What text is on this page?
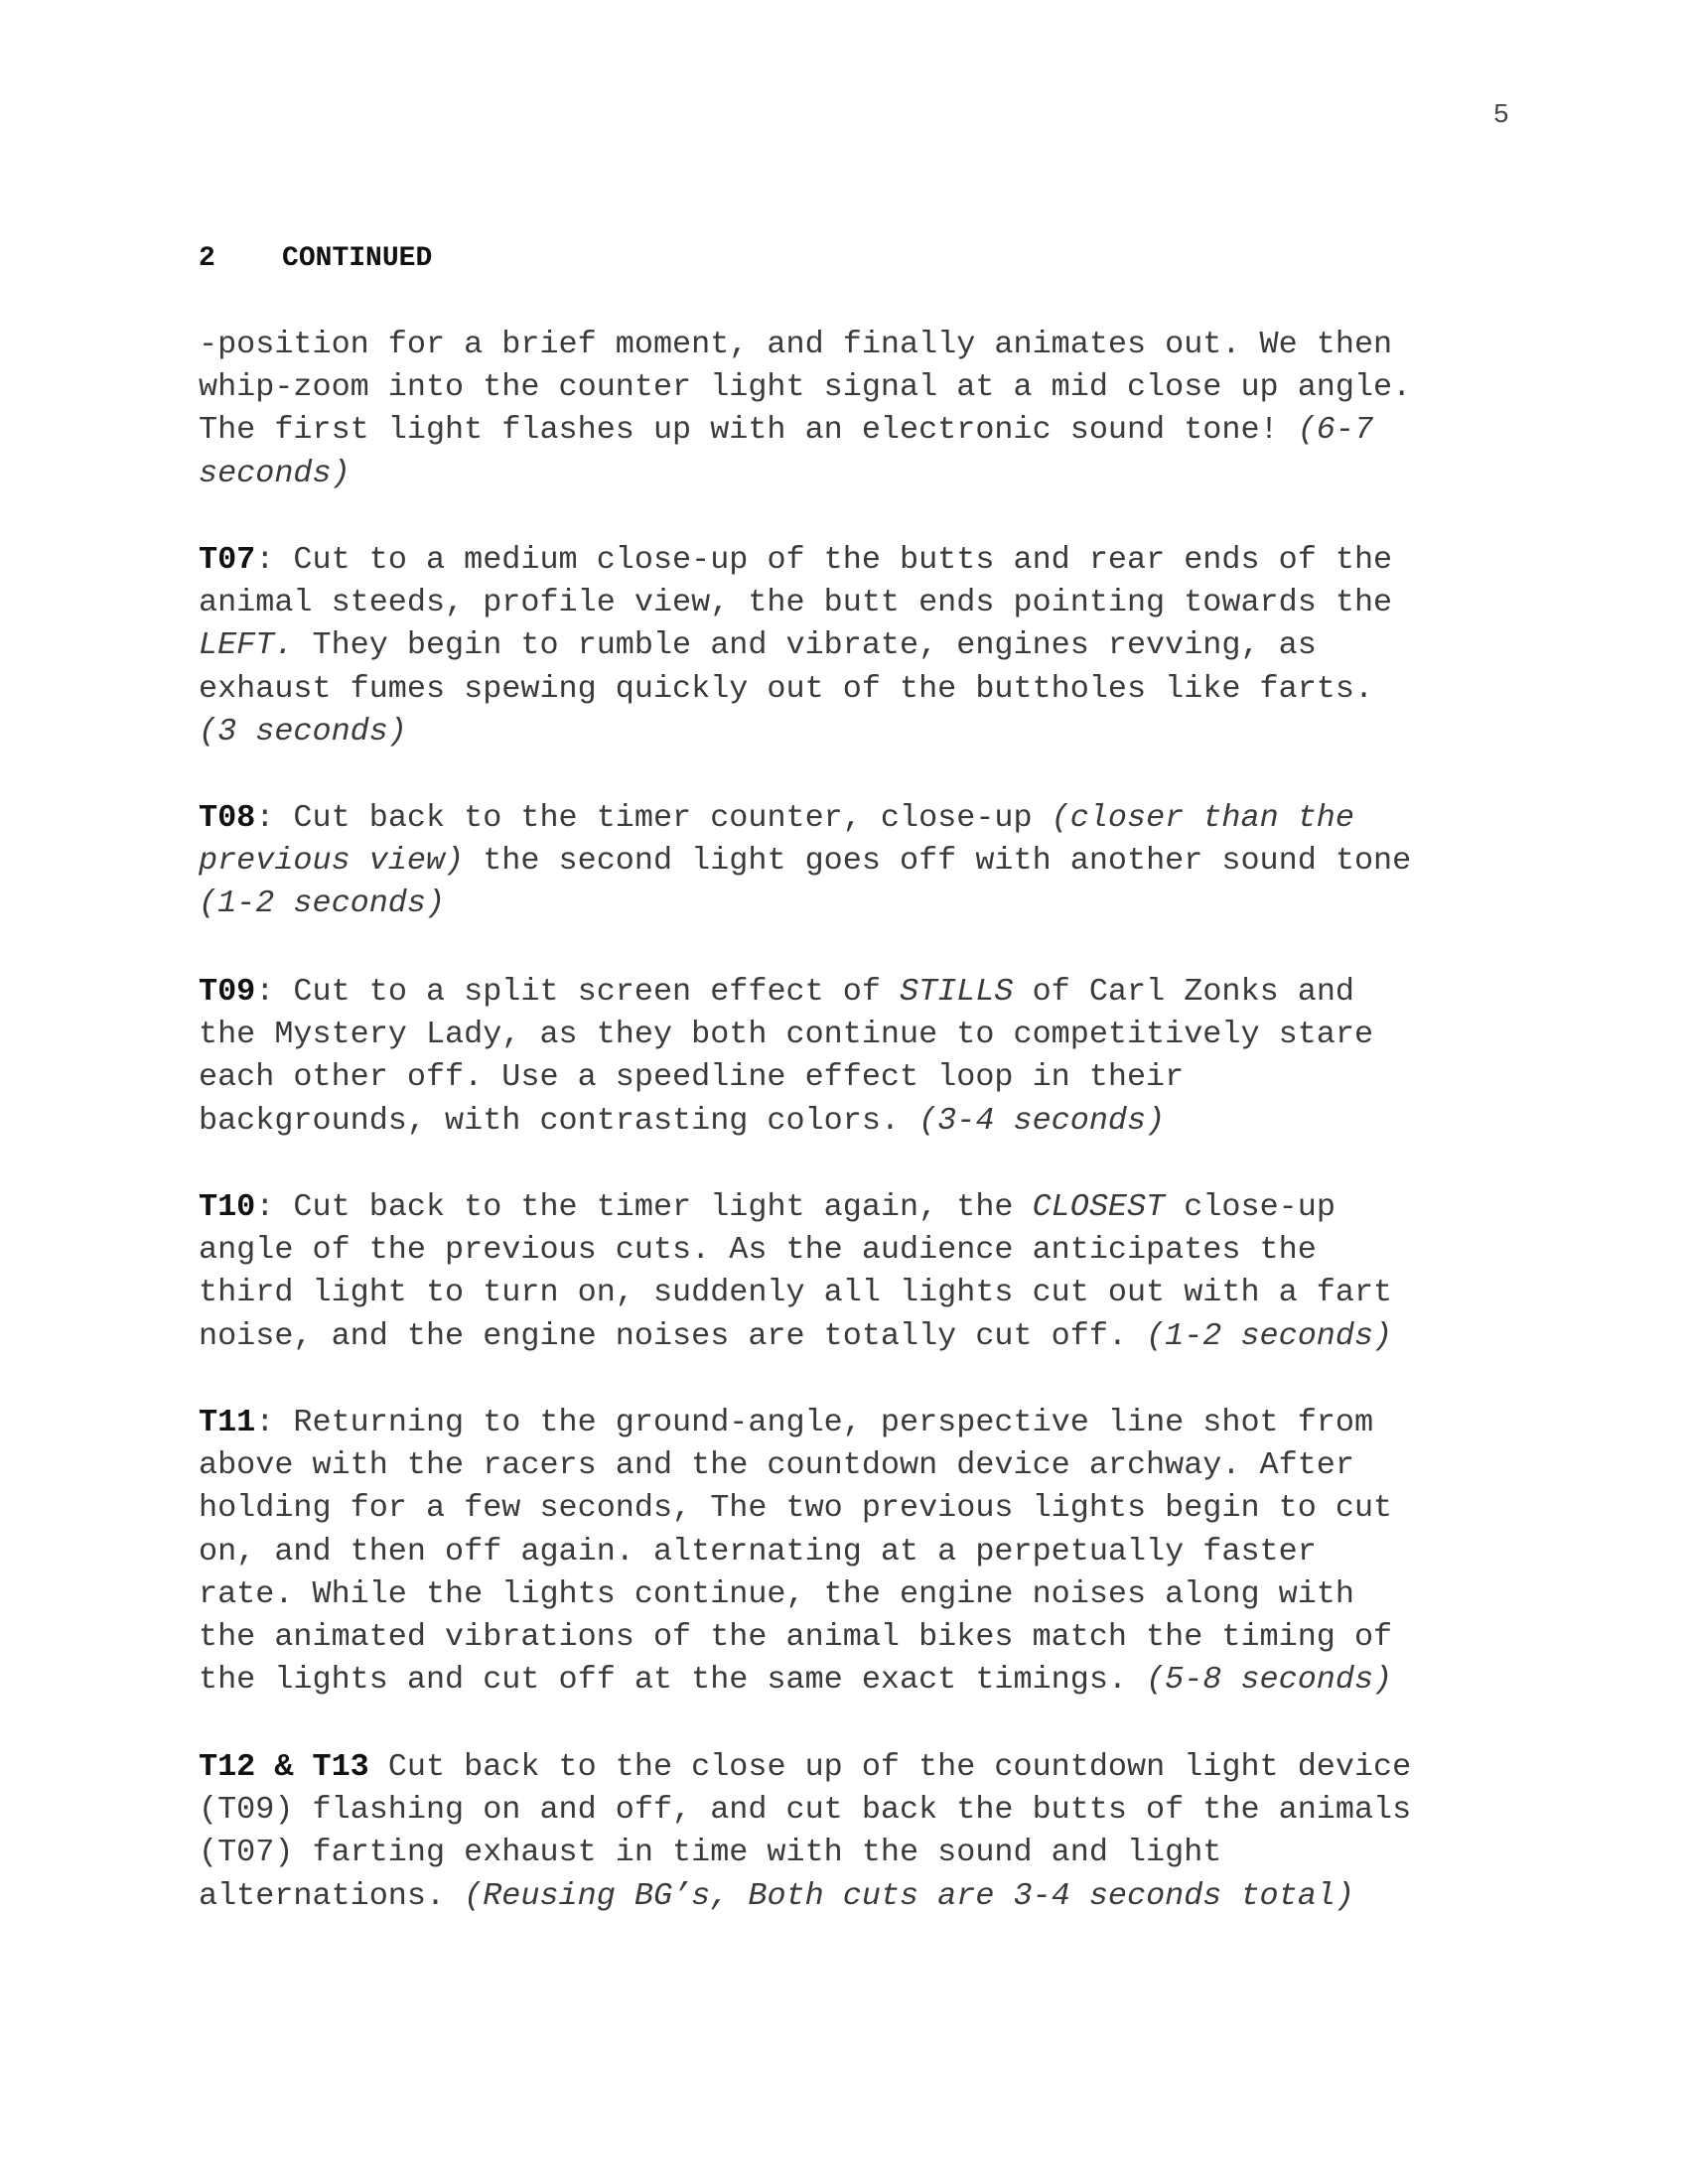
5
2 CONTINUED
-position for a brief moment, and finally animates out. We then
whip-zoom into the counter light signal at a mid close up angle.
The first light flashes up with an electronic sound tone! (6-7
seconds)
T07: Cut to a medium close-up of the butts and rear ends of the
animal steeds, profile view, the butt ends pointing towards the
LEFT. They begin to rumble and vibrate, engines revving, as
exhaust fumes spewing quickly out of the buttholes like farts.
(3 seconds)
T08: Cut back to the timer counter, close-up (closer than the
previous view) the second light goes off with another sound tone
(1-2 seconds)
T09: Cut to a split screen effect of STILLS of Carl Zonks and
the Mystery Lady, as they both continue to competitively stare
each other off. Use a speedline effect loop in their
backgrounds, with contrasting colors. (3-4 seconds)
T10: Cut back to the timer light again, the CLOSEST close-up
angle of the previous cuts. As the audience anticipates the
third light to turn on, suddenly all lights cut out with a fart
noise, and the engine noises are totally cut off. (1-2 seconds)
T11: Returning to the ground-angle, perspective line shot from
above with the racers and the countdown device archway. After
holding for a few seconds, The two previous lights begin to cut
on, and then off again. alternating at a perpetually faster
rate. While the lights continue, the engine noises along with
the animated vibrations of the animal bikes match the timing of
the lights and cut off at the same exact timings. (5-8 seconds)
T12 & T13 Cut back to the close up of the countdown light device
(T09) flashing on and off, and cut back the butts of the animals
(T07) farting exhaust in time with the sound and light
alternations. (Reusing BG’s, Both cuts are 3-4 seconds total)
